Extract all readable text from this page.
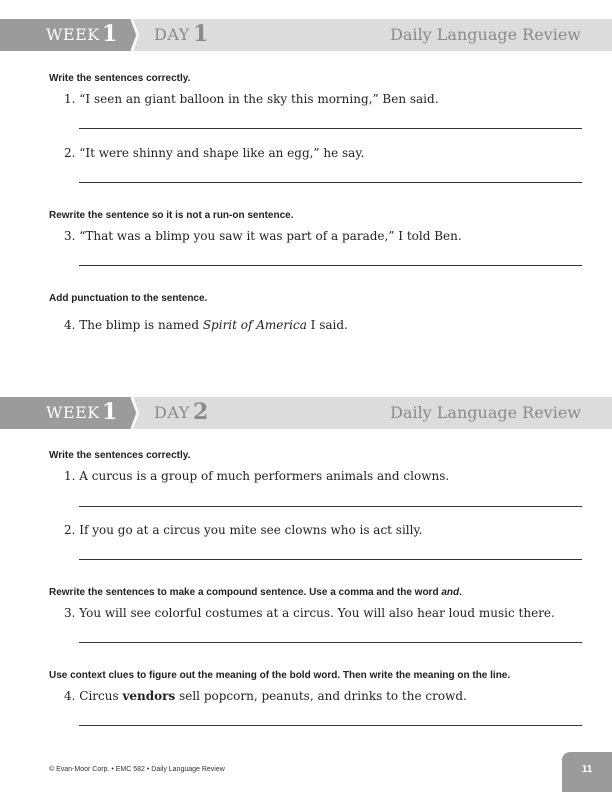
WEEK 1 DAY 1	Daily Language Review
Write the sentences correctly.
1. “I seen an giant balloon in the sky this morning,” Ben said.
2. “It were shinny and shape like an egg,” he say.
Rewrite the sentence so it is not a run-on sentence.
3. “That was a blimp you saw it was part of a parade,” I told Ben.
Add punctuation to the sentence.
4. The blimp is named Spirit of America I said.
WEEK 1 DAY 2	Daily Language Review
Write the sentences correctly.
1. A curcus is a group of much performers animals and clowns.
2. If you go at a circus you mite see clowns who is act silly.
Rewrite the sentences to make a compound sentence. Use a comma and the word and.
3. You will see colorful costumes at a circus. You will also hear loud music there.
Use context clues to figure out the meaning of the bold word. Then write the meaning on the line.
4. Circus vendors sell popcorn, peanuts, and drinks to the crowd.
© Evan-Moor Corp. • EMC 582 • Daily Language Review	11
